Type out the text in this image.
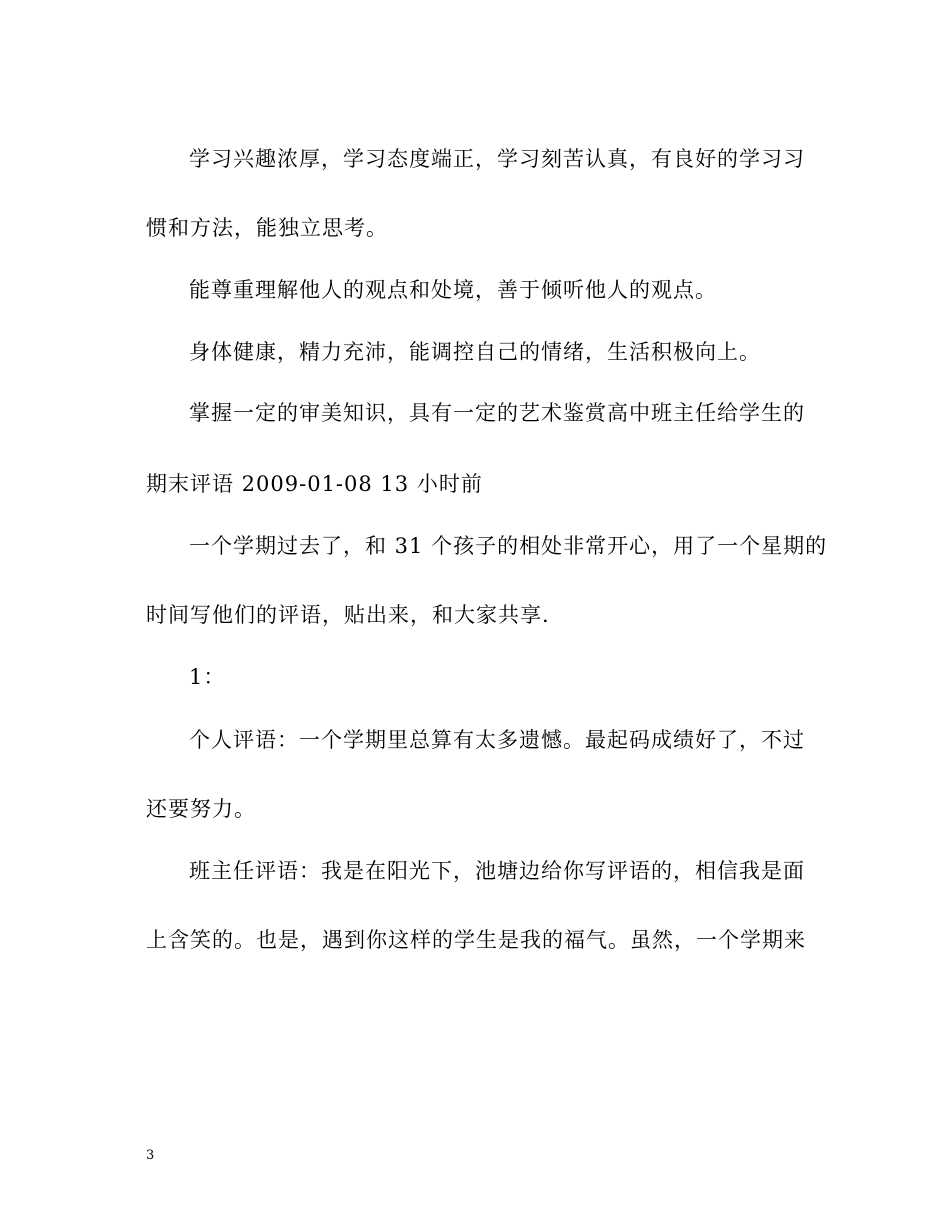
学习兴趣浓厚，学习态度端正，学习刻苦认真，有良好的学习习
惯和方法，能独立思考。
能尊重理解他人的观点和处境，善于倾听他人的观点。
身体健康，精力充沛，能调控自己的情绪，生活积极向上。
掌握一定的审美知识，具有一定的艺术鉴赏高中班主任给学生的
期末评语 2009-01-08 13 小时前
一个学期过去了，和 31 个孩子的相处非常开心，用了一个星期的
时间写他们的评语，贴出来，和大家共享.
1：
个人评语：一个学期里总算有太多遗憾。最起码成绩好了，不过
还要努力。
班主任评语：我是在阳光下，池塘边给你写评语的，相信我是面
上含笑的。也是，遇到你这样的学生是我的福气。虽然，一个学期来
3
